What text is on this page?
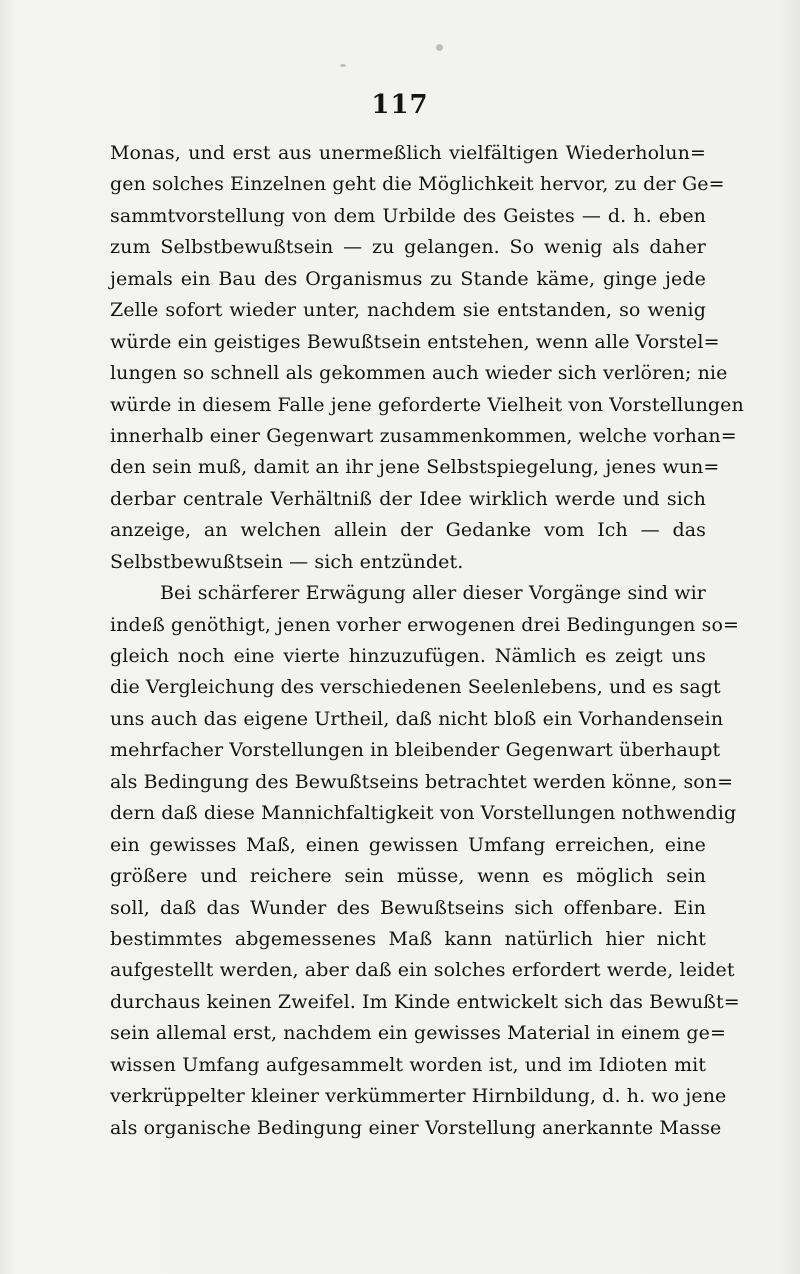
117
Monas, und erst aus unermeßlich vielfältigen Wiederholun=
gen solches Einzelnen geht die Möglichkeit hervor, zu der Ge=
sammtvorstellung von dem Urbilde des Geistes — d. h. eben
zum Selbstbewußtsein — zu gelangen. So wenig als daher
jemals ein Bau des Organismus zu Stande käme, ginge jede
Zelle sofort wieder unter, nachdem sie entstanden, so wenig
würde ein geistiges Bewußtsein entstehen, wenn alle Vorstel=
lungen so schnell als gekommen auch wieder sich verlören; nie
würde in diesem Falle jene geforderte Vielheit von Vorstellungen
innerhalb einer Gegenwart zusammenkommen, welche vorhan=
den sein muß, damit an ihr jene Selbstspiegelung, jenes wun=
derbar centrale Verhältniß der Idee wirklich werde und sich
anzeige, an welchen allein der Gedanke vom Ich — das
Selbstbewußtsein — sich entzündet.
Bei schärferer Erwägung aller dieser Vorgänge sind wir
indeß genöthigt, jenen vorher erwogenen drei Bedingungen so=
gleich noch eine vierte hinzuzufügen. Nämlich es zeigt uns
die Vergleichung des verschiedenen Seelenlebens, und es sagt
uns auch das eigene Urtheil, daß nicht bloß ein Vorhandensein
mehrfacher Vorstellungen in bleibender Gegenwart überhaupt
als Bedingung des Bewußtseins betrachtet werden könne, son=
dern daß diese Mannichfaltigkeit von Vorstellungen nothwendig
ein gewisses Maß, einen gewissen Umfang erreichen, eine
größere und reichere sein müsse, wenn es möglich sein
soll, daß das Wunder des Bewußtseins sich offenbare. Ein
bestimmtes abgemessenes Maß kann natürlich hier nicht
aufgestellt werden, aber daß ein solches erfordert werde, leidet
durchaus keinen Zweifel. Im Kinde entwickelt sich das Bewußt=
sein allemal erst, nachdem ein gewisses Material in einem ge=
wissen Umfang aufgesammelt worden ist, und im Idioten mit
verkrüppelter kleiner verkümmerter Hirnbildung, d. h. wo jene
als organische Bedingung einer Vorstellung anerkannte Masse
